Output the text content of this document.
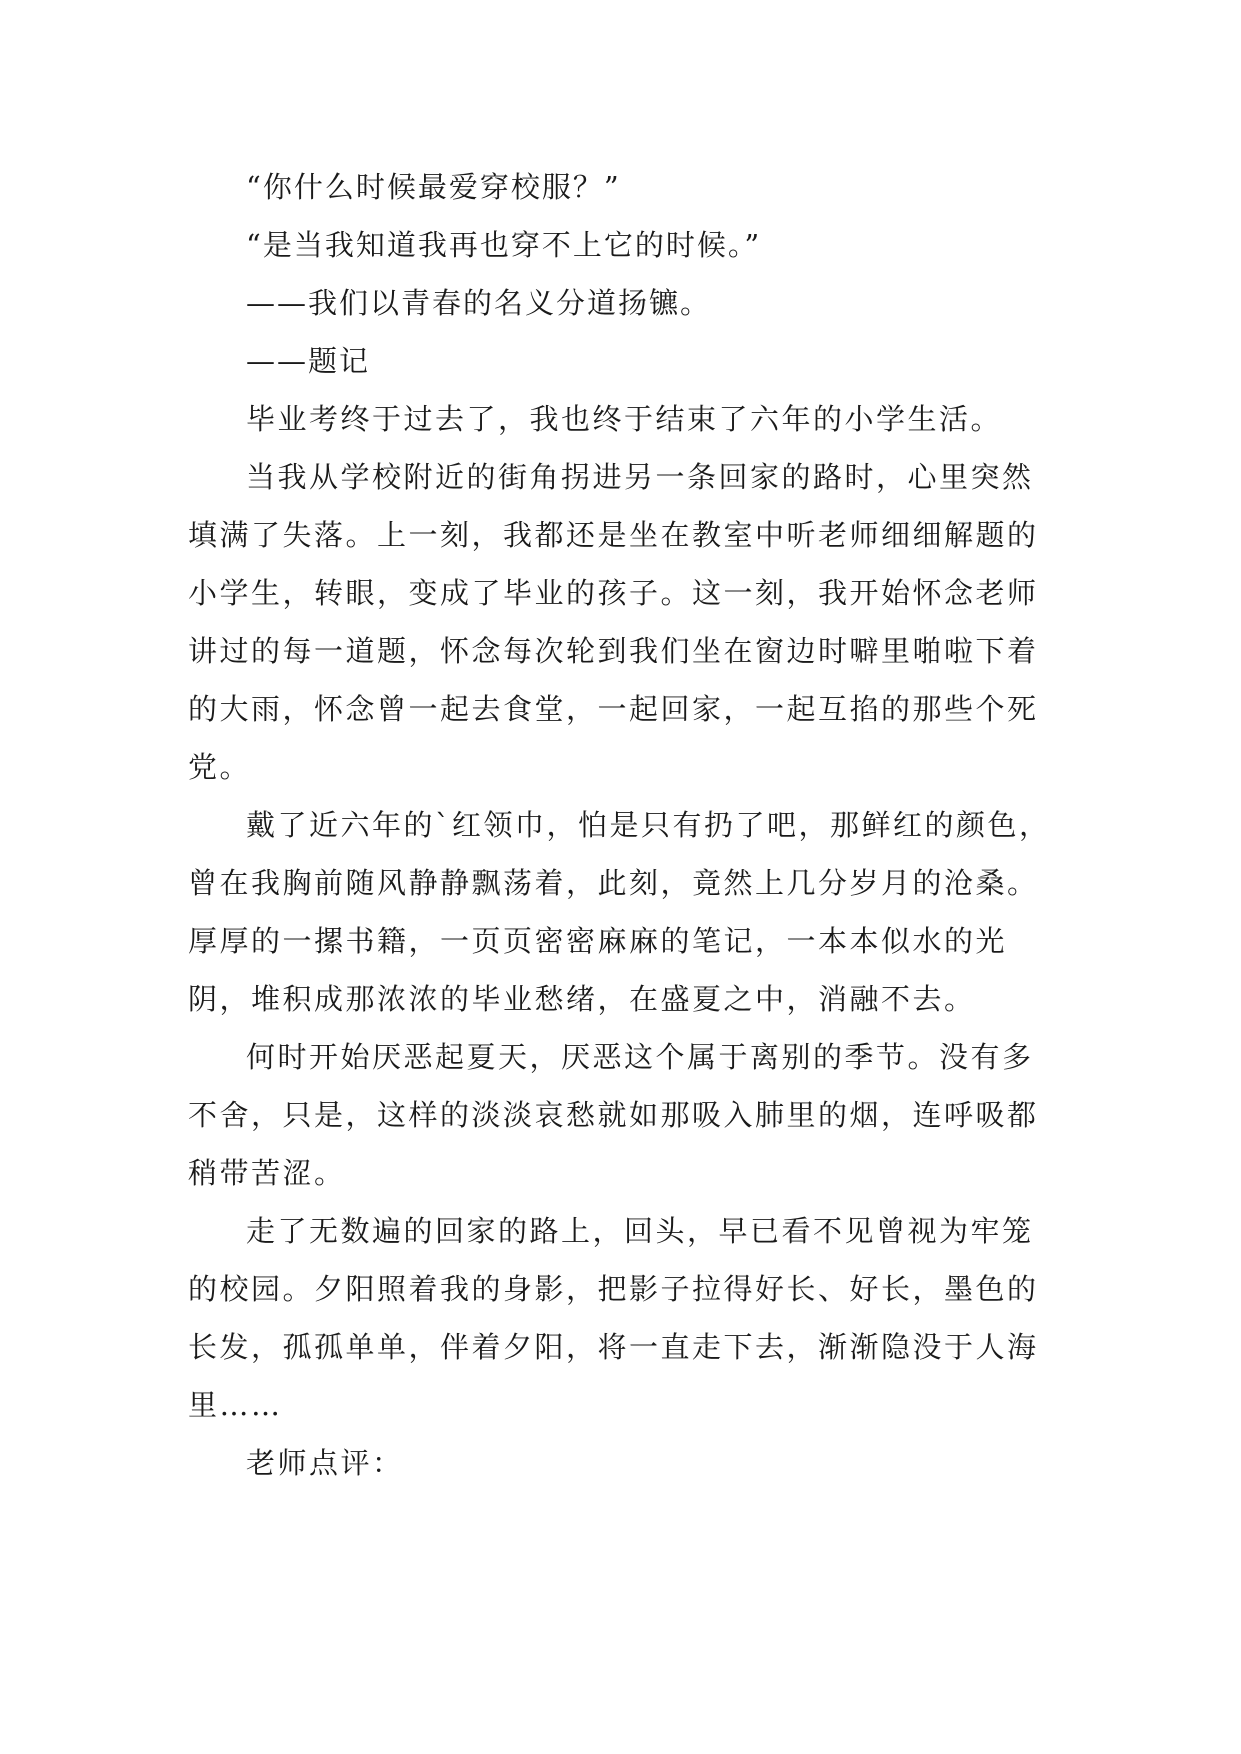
“你什么时候最爱穿校服？”

“是当我知道我再也穿不上它的时候。”

——我们以青春的名义分道扬镳。

——题记

毕业考终于过去了，我也终于结束了六年的小学生活。

当我从学校附近的街角拐进另一条回家的路时，心里突然填满了失落。上一刻，我都还是坐在教室中听老师细细解题的小学生，转眼，变成了毕业的孩子。这一刻，我开始怀念老师讲过的每一道题，怀念每次轮到我们坐在窗边时噼里啪啦下着的大雨，怀念曾一起去食堂，一起回家，一起互掐的那些个死党。

戴了近六年的`红领巾，怕是只有扔了吧，那鲜红的颜色，曾在我胸前随风静静飘荡着，此刻，竟然上几分岁月的沧桑。厚厚的一摞书籍，一页页密密麻麻的笔记，一本本似水的光阴，堆积成那浓浓的毕业愁绪，在盛夏之中，消融不去。

何时开始厌恶起夏天，厌恶这个属于离别的季节。没有多不舍，只是，这样的淡淡哀愁就如那吸入肺里的烟，连呼吸都稍带苦涩。

走了无数遍的回家的路上，回头，早已看不见曾视为牢笼的校园。夕阳照着我的身影，把影子拉得好长、好长，墨色的长发，孤孤单单，伴着夕阳，将一直走下去，渐渐隐没于人海里……

老师点评：
